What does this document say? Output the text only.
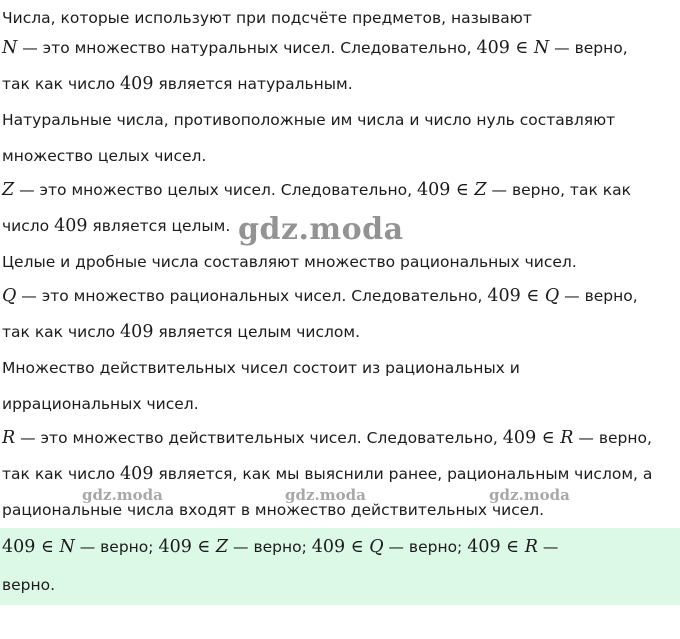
Числа, которые используют при подсчёте предметов, называют
N — это множество натуральных чисел. Следовательно, 409 ∈ N — верно,
так как число 409 является натуральным.
Натуральные числа, противоположные им числа и число нуль составляют
множество целых чисел.
Z — это множество целых чисел. Следовательно, 409 ∈ Z — верно, так как
число 409 является целым.
Целые и дробные числа составляют множество рациональных чисел.
Q — это множество рациональных чисел. Следовательно, 409 ∈ Q — верно,
так как число 409 является целым числом.
Множество действительных чисел состоит из рациональных и
иррациональных чисел.
R — это множество действительных чисел. Следовательно, 409 ∈ R — верно,
так как число 409 является, как мы выяснили ранее, рациональным числом, а
рациональные числа входят в множество действительных чисел.
409 ∈ N — верно; 409 ∈ Z — верно; 409 ∈ Q — верно; 409 ∈ R —
верно.
gdz.moda
gdz.moda	gdz.moda	gdz.moda
